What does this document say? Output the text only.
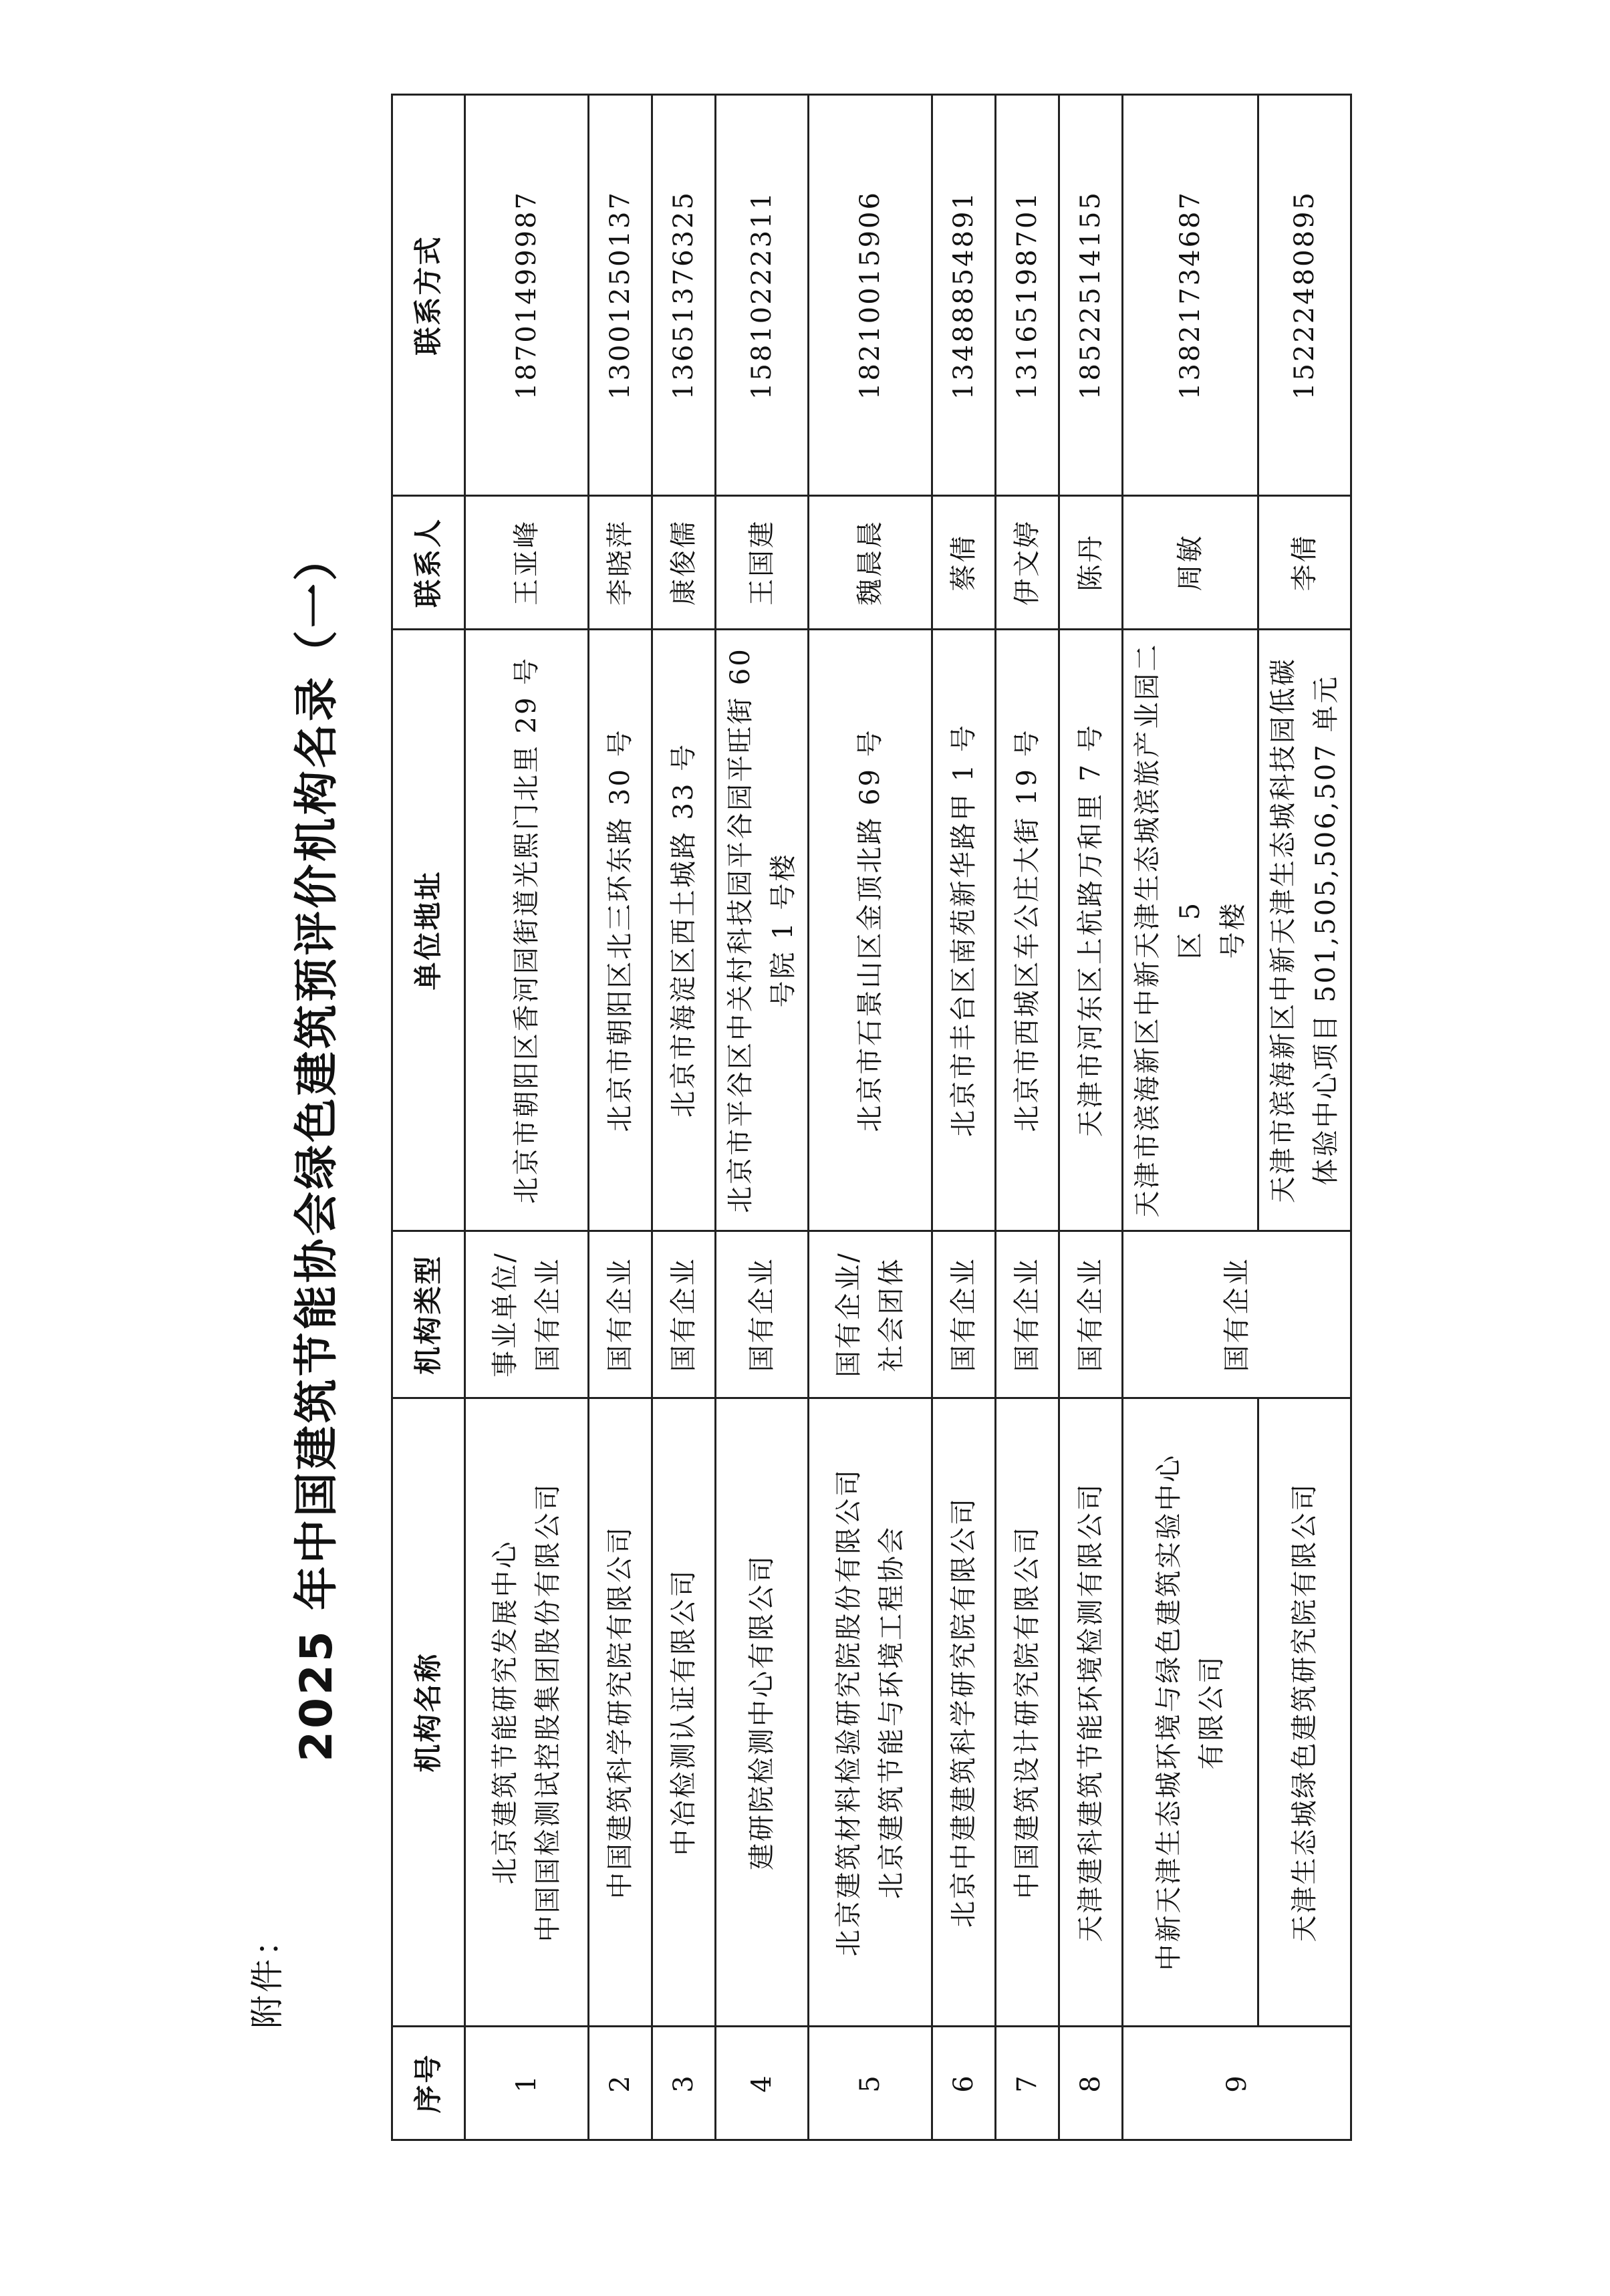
附件：
2025 年中国建筑节能协会绿色建筑预评价机构名录（一）
序号	机构名称	机构类型	单位地址	联系人	联系方式
1	北京建筑节能研究发展中心 中国国检测试控股集团股份有限公司	事业单位/ 国有企业	北京市朝阳区香河园街道光熙门北里 29 号	王亚峰	18701499987
2	中国建筑科学研究院有限公司	国有企业	北京市朝阳区北三环东路 30 号	李晓萍	13001250137
3	中冶检测认证有限公司	国有企业	北京市海淀区西土城路 33 号	康俊儒	13651376325
4	建研院检测中心有限公司	国有企业	北京市平谷区中关村科技园平谷园平旺街 60 号院 1 号楼	王国建	15810222311
5	北京建筑材料检验研究院股份有限公司 北京建筑节能与环境工程协会	国有企业/ 社会团体	北京市石景山区金顶北路 69 号	魏晨晨	18210015906
6	北京中建建筑科学研究院有限公司	国有企业	北京市丰台区南苑新华路甲 1 号	蔡倩	13488854891
7	中国建筑设计研究院有限公司	国有企业	北京市西城区车公庄大街 19 号	伊文婷	13165198701
8	天津建科建筑节能环境检测有限公司	国有企业	天津市河东区上杭路万和里 7 号	陈丹	18522514155
9	中新天津生态城环境与绿色建筑实验中心 有限公司	国有企业	天津市滨海新区中新天津生态城滨旅产业园二区 5 号楼	周敏	13821734687
	天津生态城绿色建筑研究院有限公司		天津市滨海新区中新天津生态城科技园低碳 体验中心项目 501,505,506,507 单元	李倩	15222480895
